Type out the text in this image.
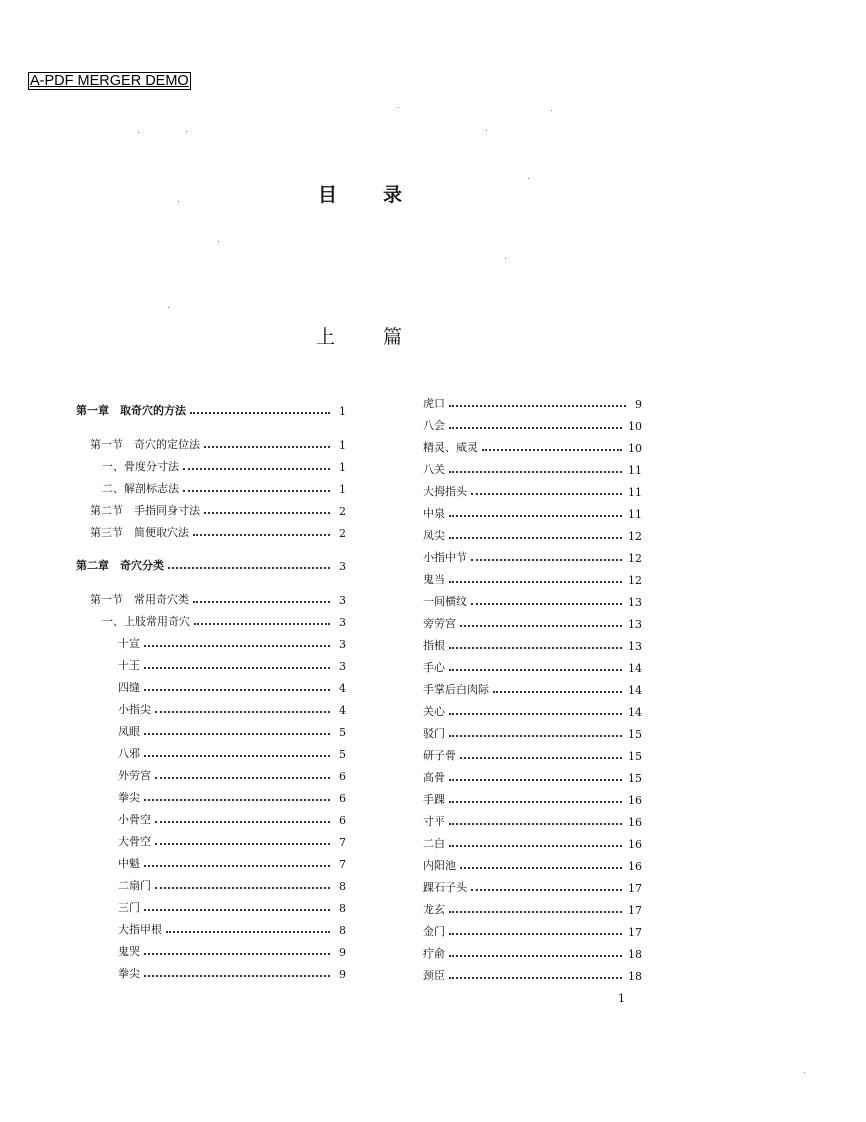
A-PDF MERGER DEMO
目 录
上	篇
第一章　取奇穴的方法	1
第一节　奇穴的定位法	1
一、骨度分寸法	1
二、解剖标志法	1
第二节　手指同身寸法	2
第三节　简便取穴法	2
第二章　奇穴分类	3
第一节　常用奇穴类	3
一、上肢常用奇穴	3
十宣	3
十王	3
四缝	4
小指尖	4
凤眼	5
八邪	5
外劳宫	6
拳尖	6
小骨空	6
大骨空	7
中魁	7
二扇门	8
三门	8
大指甲根	8
鬼哭	9
拳尖	9
虎口	9
八会	10
精灵、威灵	10
八关	11
大拇指头	11
中泉	11
凤尖	12
小指中节	12
鬼当	12
一间横纹	13
旁劳宫	13
指根	13
手心	14
手掌后白肉际	14
关心	14
驳门	15
研子骨	15
高骨	15
手踝	16
寸平	16
二白	16
内阳池	16
踝石子头	17
龙玄	17
金门	17
疔俞	18
颈臣	18
1
